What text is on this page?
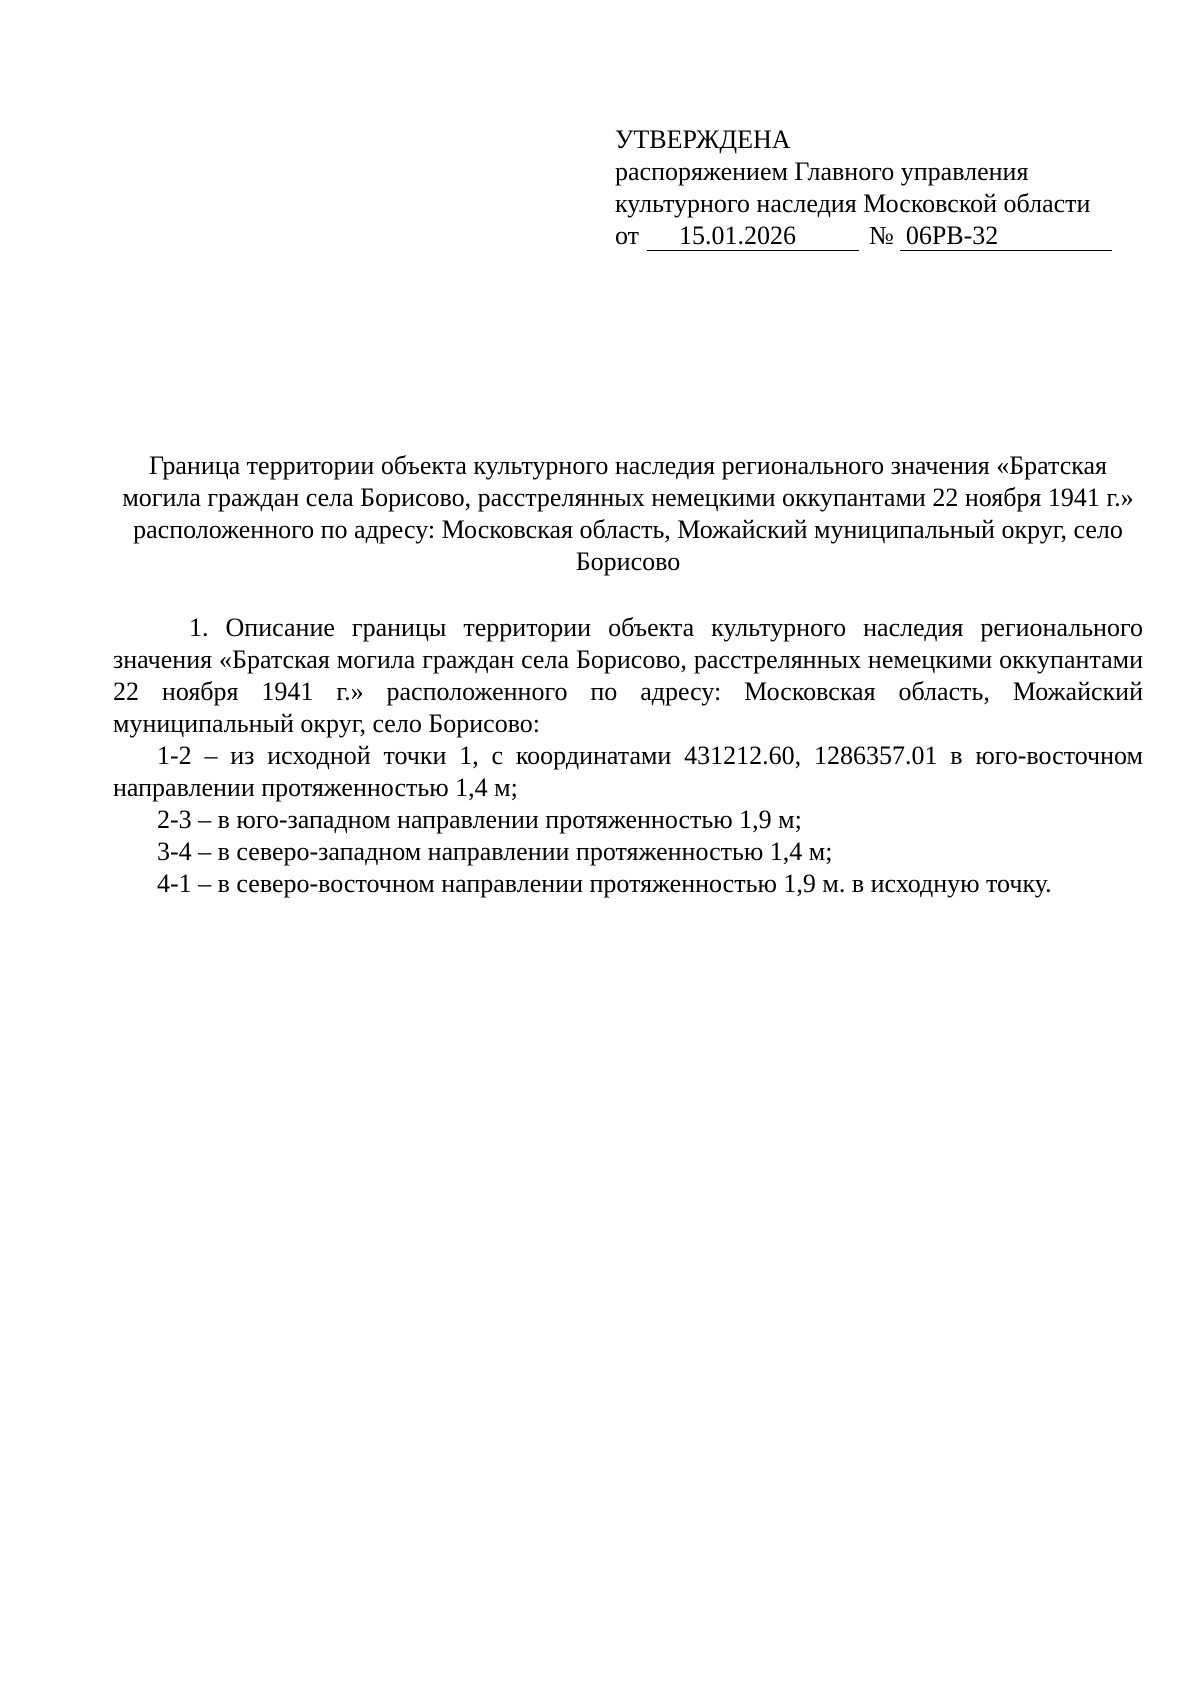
УТВЕРЖДЕНА
распоряжением Главного управления
культурного наследия Московской области
от	15.01.2026	№ 06РВ-32
Граница территории объекта культурного наследия регионального значения «Братская могила граждан села Борисово, расстрелянных немецкими оккупантами 22 ноября 1941 г.» расположенного по адресу: Московская область, Можайский муниципальный округ, село Борисово

1. Описание границы территории объекта культурного наследия регионального значения «Братская могила граждан села Борисово, расстрелянных немецкими оккупантами 22 ноября 1941 г.» расположенного по адресу: Московская область, Можайский муниципальный округ, село Борисово:

1-2 – из исходной точки 1, с координатами 431212.60, 1286357.01 в юго-восточном направлении протяженностью 1,4 м;

2-3 – в юго-западном направлении протяженностью 1,9 м;

3-4 – в северо-западном направлении протяженностью 1,4 м;

4-1 – в северо-восточном направлении протяженностью 1,9 м. в исходную точку.
